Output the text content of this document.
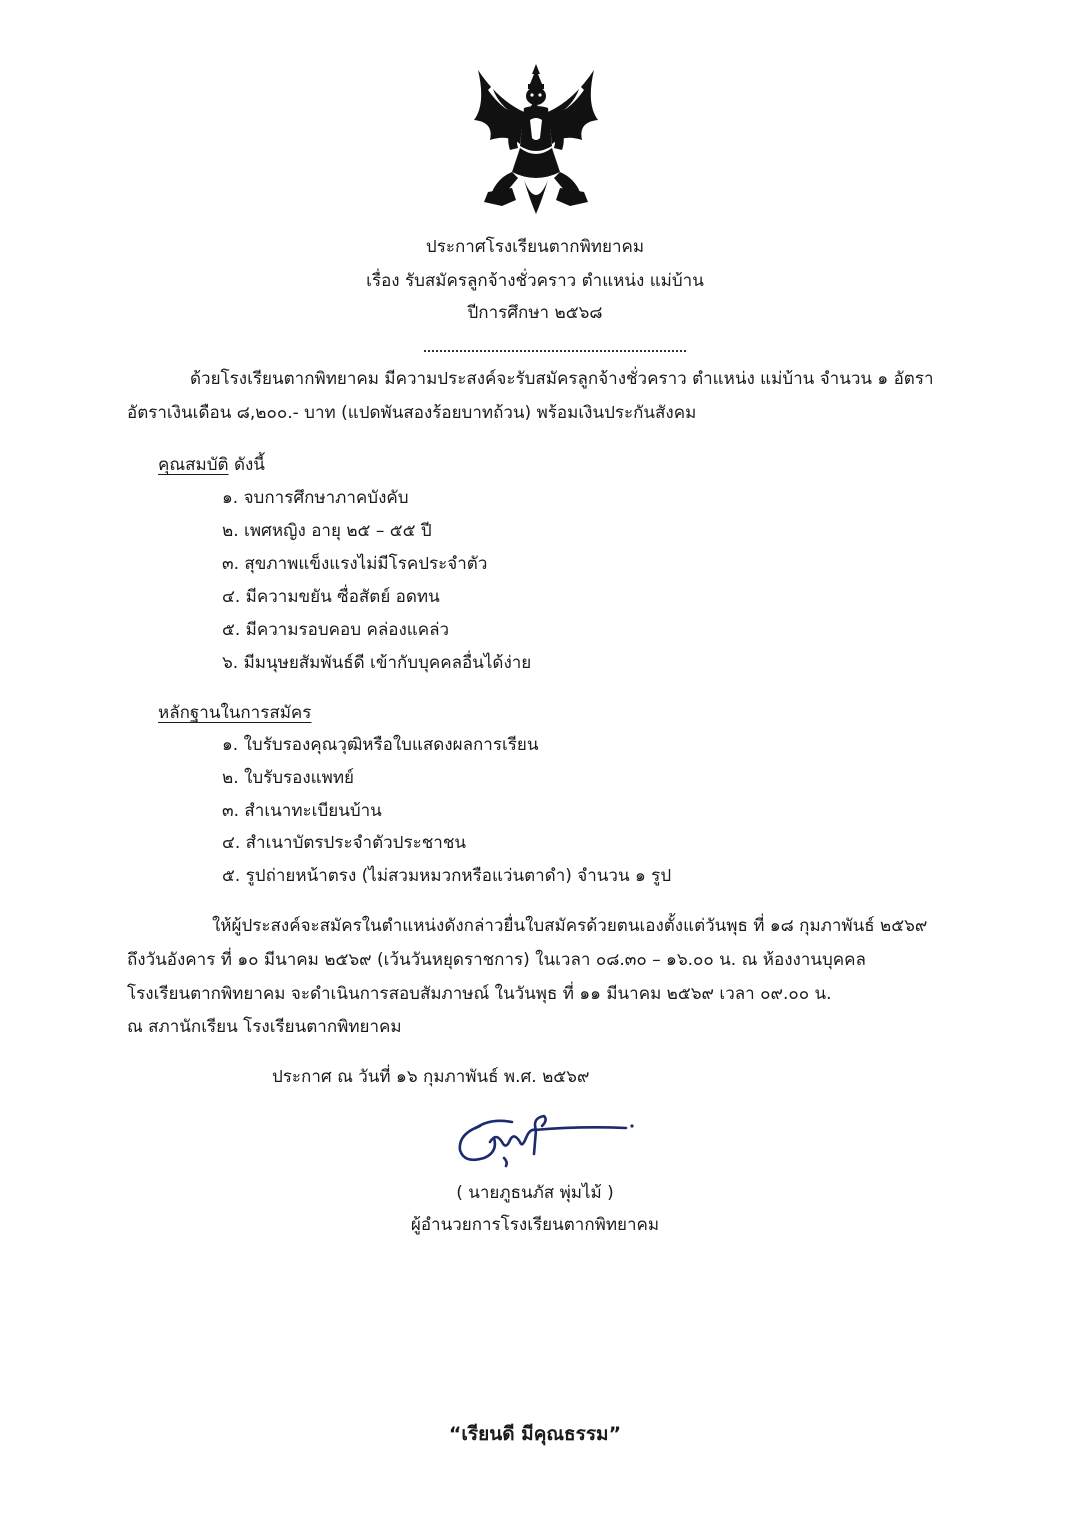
ประกาศโรงเรียนตากพิทยาคม
เรื่อง รับสมัครลูกจ้างชั่วคราว ตำแหน่ง แม่บ้าน
ปีการศึกษา ๒๕๖๘
ด้วยโรงเรียนตากพิทยาคม มีความประสงค์จะรับสมัครลูกจ้างชั่วคราว ตำแหน่ง แม่บ้าน จำนวน ๑ อัตรา
อัตราเงินเดือน ๘,๒๐๐.- บาท (แปดพันสองร้อยบาทถ้วน) พร้อมเงินประกันสังคม
คุณสมบัติ ดังนี้
๑. จบการศึกษาภาคบังคับ
๒. เพศหญิง อายุ ๒๕ – ๕๕ ปี
๓. สุขภาพแข็งแรงไม่มีโรคประจำตัว
๔. มีความขยัน ซื่อสัตย์ อดทน
๕. มีความรอบคอบ คล่องแคล่ว
๖. มีมนุษยสัมพันธ์ดี เข้ากับบุคคลอื่นได้ง่าย
หลักฐานในการสมัคร
๑. ใบรับรองคุณวุฒิหรือใบแสดงผลการเรียน
๒. ใบรับรองแพทย์
๓. สำเนาทะเบียนบ้าน
๔. สำเนาบัตรประจำตัวประชาชน
๕. รูปถ่ายหน้าตรง (ไม่สวมหมวกหรือแว่นตาดำ) จำนวน ๑ รูป
ให้ผู้ประสงค์จะสมัครในตำแหน่งดังกล่าวยื่นใบสมัครด้วยตนเองตั้งแต่วันพุธ ที่ ๑๘ กุมภาพันธ์ ๒๕๖๙
ถึงวันอังคาร ที่ ๑๐ มีนาคม ๒๕๖๙ (เว้นวันหยุดราชการ) ในเวลา ๐๘.๓๐ – ๑๖.๐๐ น. ณ ห้องงานบุคคล
โรงเรียนตากพิทยาคม จะดำเนินการสอบสัมภาษณ์ ในวันพุธ ที่ ๑๑ มีนาคม ๒๕๖๙ เวลา ๐๙.๐๐ น.
ณ สภานักเรียน โรงเรียนตากพิทยาคม
ประกาศ ณ วันที่ ๑๖ กุมภาพันธ์ พ.ศ. ๒๕๖๙
( นายภูธนภัส พุ่มไม้ )
ผู้อำนวยการโรงเรียนตากพิทยาคม
“เรียนดี มีคุณธรรม”
